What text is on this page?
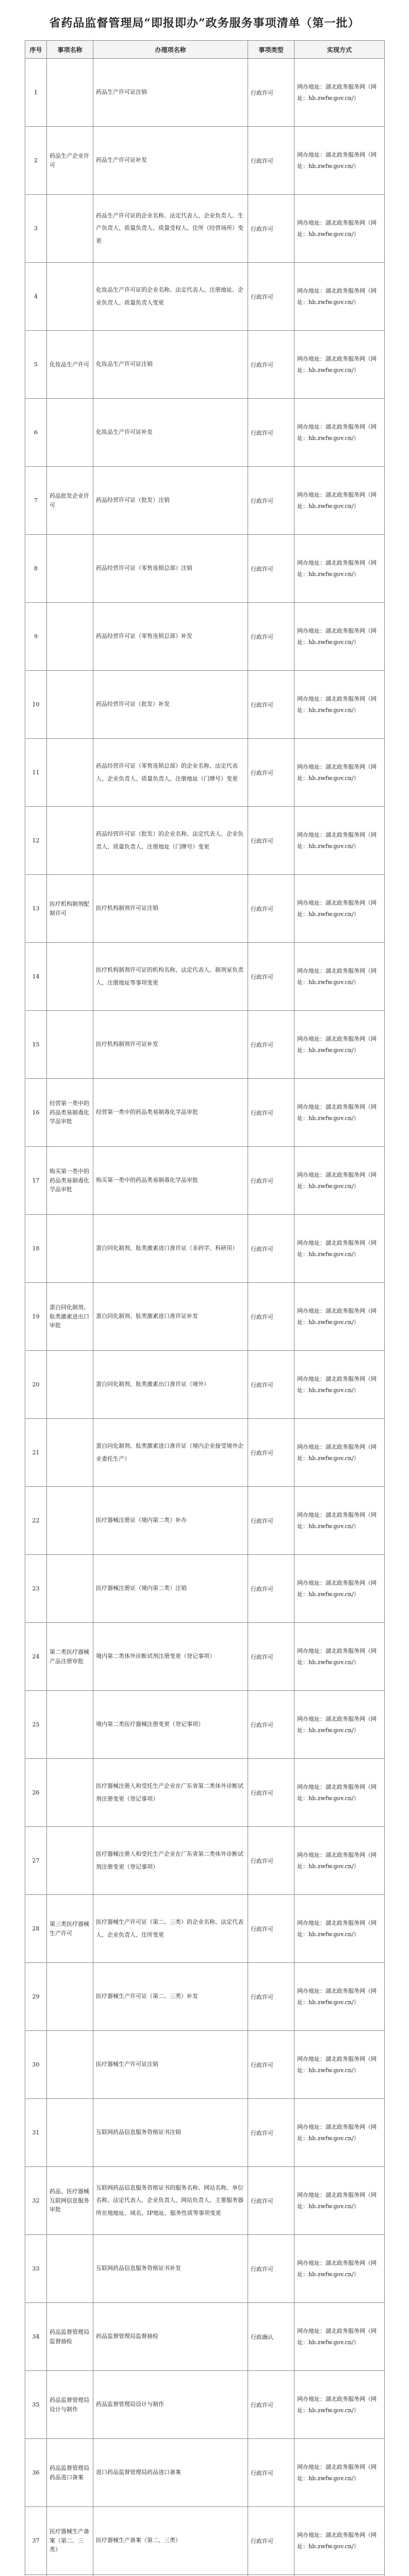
省药品监督管理局“即报即办”政务服务事项清单（第一批）
序号	事项名称	办理项名称	事项类型	实现方式
1		药品生产许可证注销	行政许可	网办地址：湖北政务服务网（网址：hb.zwfw.gov.cn/）
2	药品生产企业许可	药品生产许可证补发	行政许可	网办地址：湖北政务服务网（网址：hb.zwfw.gov.cn/）
3		药品生产许可证的企业名称、法定代表人、企业负责人、生产负责人、质量负责人、质量受权人、住所（经营场所）变更	行政许可	网办地址：湖北政务服务网（网址：hb.zwfw.gov.cn/）
4		化妆品生产许可证的企业名称、法定代表人、注册地址、企业负责人、质量负责人变更	行政许可	网办地址：湖北政务服务网（网址：hb.zwfw.gov.cn/）
5	化妆品生产许可	化妆品生产许可证注销	行政许可	网办地址：湖北政务服务网（网址：hb.zwfw.gov.cn/）
6		化妆品生产许可证补发	行政许可	网办地址：湖北政务服务网（网址：hb.zwfw.gov.cn/）
7	药品批发企业许可	药品经营许可证（批发）注销	行政许可	网办地址：湖北政务服务网（网址：hb.zwfw.gov.cn/）
8		药品经营许可证（零售连锁总部）注销	行政许可	网办地址：湖北政务服务网（网址：hb.zwfw.gov.cn/）
9		药品经营许可证（零售连锁总部）补发	行政许可	网办地址：湖北政务服务网（网址：hb.zwfw.gov.cn/）
10		药品经营许可证（批发）补发	行政许可	网办地址：湖北政务服务网（网址：hb.zwfw.gov.cn/）
11		药品经营许可证（零售连锁总部）的企业名称、法定代表人、企业负责人、质量负责人、注册地址（门牌号）变更	行政许可	网办地址：湖北政务服务网（网址：hb.zwfw.gov.cn/）
12		药品经营许可证（批发）的企业名称、法定代表人、企业负责人、质量负责人、注册地址（门牌号）变更	行政许可	网办地址：湖北政务服务网（网址：hb.zwfw.gov.cn/）
13	医疗机构制剂配制许可	医疗机构制剂许可证注销	行政许可	网办地址：湖北政务服务网（网址：hb.zwfw.gov.cn/）
14		医疗机构制剂许可证的机构名称、法定代表人、制剂室负责人、注册地址等事项变更	行政许可	网办地址：湖北政务服务网（网址：hb.zwfw.gov.cn/）
15		医疗机构制剂许可证补发	行政许可	网办地址：湖北政务服务网（网址：hb.zwfw.gov.cn/）
16	经营第一类中的药品类易制毒化学品审批	经营第一类中的药品类易制毒化学品审批	行政许可	网办地址：湖北政务服务网（网址：hb.zwfw.gov.cn/）
17	购买第一类中的药品类易制毒化学品审批	购买第一类中的药品类易制毒化学品审批	行政许可	网办地址：湖北政务服务网（网址：hb.zwfw.gov.cn/）
18		蛋白同化制剂、肽类激素进口准许证（非药学、科研用）	行政许可	网办地址：湖北政务服务网（网址：hb.zwfw.gov.cn/）
19	蛋白同化制剂、肽类激素进出口审批	蛋白同化制剂、肽类激素进口准许证补发	行政许可	网办地址：湖北政务服务网（网址：hb.zwfw.gov.cn/）
20		蛋白同化制剂、肽类激素出口准许证（境外）	行政许可	网办地址：湖北政务服务网（网址：hb.zwfw.gov.cn/）
21		蛋白同化制剂、肽类激素进口准许证（境内企业接受境外企业委托生产）	行政许可	网办地址：湖北政务服务网（网址：hb.zwfw.gov.cn/）
22		医疗器械注册证（境内第二类）补办	行政许可	网办地址：湖北政务服务网（网址：hb.zwfw.gov.cn/）
23		医疗器械注册证（境内第二类）注销	行政许可	网办地址：湖北政务服务网（网址：hb.zwfw.gov.cn/）
24	第二类医疗器械产品注册审批	境内第二类体外诊断试剂注册变更（登记事项）	行政许可	网办地址：湖北政务服务网（网址：hb.zwfw.gov.cn/）
25		境内第二类医疗器械注册变更（登记事项）	行政许可	网办地址：湖北政务服务网（网址：hb.zwfw.gov.cn/）
26		医疗器械注册人和受托生产企业在广东省第二类体外诊断试剂注册变更（登记事项）	行政许可	网办地址：湖北政务服务网（网址：hb.zwfw.gov.cn/）
27		医疗器械注册人和受托生产企业在广东省第二类体外诊断试剂注册变更（登记事项）	行政许可	网办地址：湖北政务服务网（网址：hb.zwfw.gov.cn/）
28	第三类医疗器械生产许可	医疗器械生产许可证（第二、三类）的企业名称、法定代表人、企业负责人、住所变更	行政许可	网办地址：湖北政务服务网（网址：hb.zwfw.gov.cn/）
29		医疗器械生产许可证（第二、三类）补发	行政许可	网办地址：湖北政务服务网（网址：hb.zwfw.gov.cn/）
30		医疗器械生产许可证注销	行政许可	网办地址：湖北政务服务网（网址：hb.zwfw.gov.cn/）
31		互联网药品信息服务资格证书注销	行政许可	网办地址：湖北政务服务网（网址：hb.zwfw.gov.cn/）
32	药品、医疗器械互联网信息服务审批	互联网药品信息服务资格证书的服务名称、网站名称、单位名称、法定代表人、企业负责人、网站负责人、主要服务器所在地地址、域名、IP地址、服务性质等事项变更	行政许可	网办地址：湖北政务服务网（网址：hb.zwfw.gov.cn/）
33		互联网药品信息服务资格证书补发	行政许可	网办地址：湖北政务服务网（网址：hb.zwfw.gov.cn/）
34	药品监督管理局监督抽检	药品监督管理局监督抽检	行政确认	网办地址：湖北政务服务网（网址：hb.zwfw.gov.cn/）
35	药品监督管理局设计与制作	药品监督管理局设计与制作	行政许可	网办地址：湖北政务服务网（网址：hb.zwfw.gov.cn/）
36	药品监督管理局药品进口备案	进口药品监督管理局药品进口备案	行政许可	网办地址：湖北政务服务网（网址：hb.zwfw.gov.cn/）
37	医疗器械生产备案（第二、三类）	医疗器械生产备案（第二、三类）	行政许可	网办地址：湖北政务服务网（网址：hb.zwfw.gov.cn/）
